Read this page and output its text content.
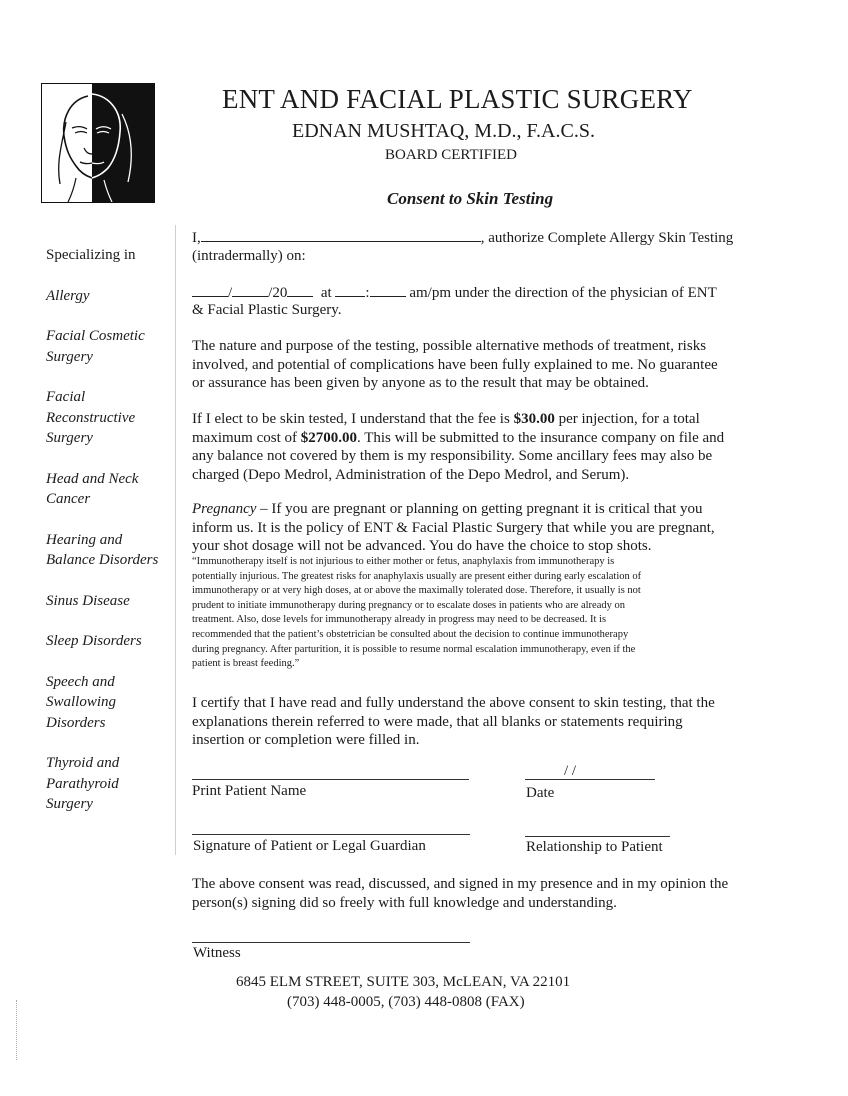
ENT AND FACIAL PLASTIC SURGERY
EDNAN MUSHTAQ, M.D., F.A.C.S.
BOARD CERTIFIED
Consent to Skin Testing
Specializing in
Allergy
Facial Cosmetic
Surgery
Facial
Reconstructive
Surgery
Head and Neck
Cancer
Hearing and
Balance Disorders
Sinus Disease
Sleep Disorders
Speech and
Swallowing
Disorders
Thyroid and
Parathyroid
Surgery
I,	, authorize Complete Allergy Skin Testing
(intradermally) on:
/ /20 at :	am/pm under the direction of the physician of ENT
& Facial Plastic Surgery.
The nature and purpose of the testing, possible alternative methods of treatment, risks
involved, and potential of complications have been fully explained to me. No guarantee
or assurance has been given by anyone as to the result that may be obtained.
If I elect to be skin tested, I understand that the fee is $30.00 per injection, for a total
maximum cost of $2700.00. This will be submitted to the insurance company on file and
any balance not covered by them is my responsibility. Some ancillary fees may also be
charged (Depo Medrol, Administration of the Depo Medrol, and Serum).
Pregnancy – If you are pregnant or planning on getting pregnant it is critical that you
inform us. It is the policy of ENT & Facial Plastic Surgery that while you are pregnant,
your shot dosage will not be advanced. You do have the choice to stop shots.
“Immunotherapy itself is not injurious to either mother or fetus, anaphylaxis from immunotherapy is
potentially injurious. The greatest risks for anaphylaxis usually are present either during early escalation of
immunotherapy or at very high doses, at or above the maximally tolerated dose. Therefore, it usually is not
prudent to initiate immunotherapy during pregnancy or to escalate doses in patients who are already on
treatment. Also, dose levels for immunotherapy already in progress may need to be decreased. It is
recommended that the patient’s obstetrician be consulted about the decision to continue immunotherapy
during pregnancy. After parturition, it is possible to resume normal escalation immunotherapy, even if the
patient is breast feeding.”
I certify that I have read and fully understand the above consent to skin testing, that the
explanations therein referred to were made, that all blanks or statements requiring
insertion or completion were filled in.
Print Patient Name
/ /
Date
Signature of Patient or Legal Guardian	Relationship to Patient
The above consent was read, discussed, and signed in my presence and in my opinion the
person(s) signing did so freely with full knowledge and understanding.
Witness
6845 ELM STREET, SUITE 303, McLEAN, VA 22101
(703) 448-0005, (703) 448-0808 (FAX)
